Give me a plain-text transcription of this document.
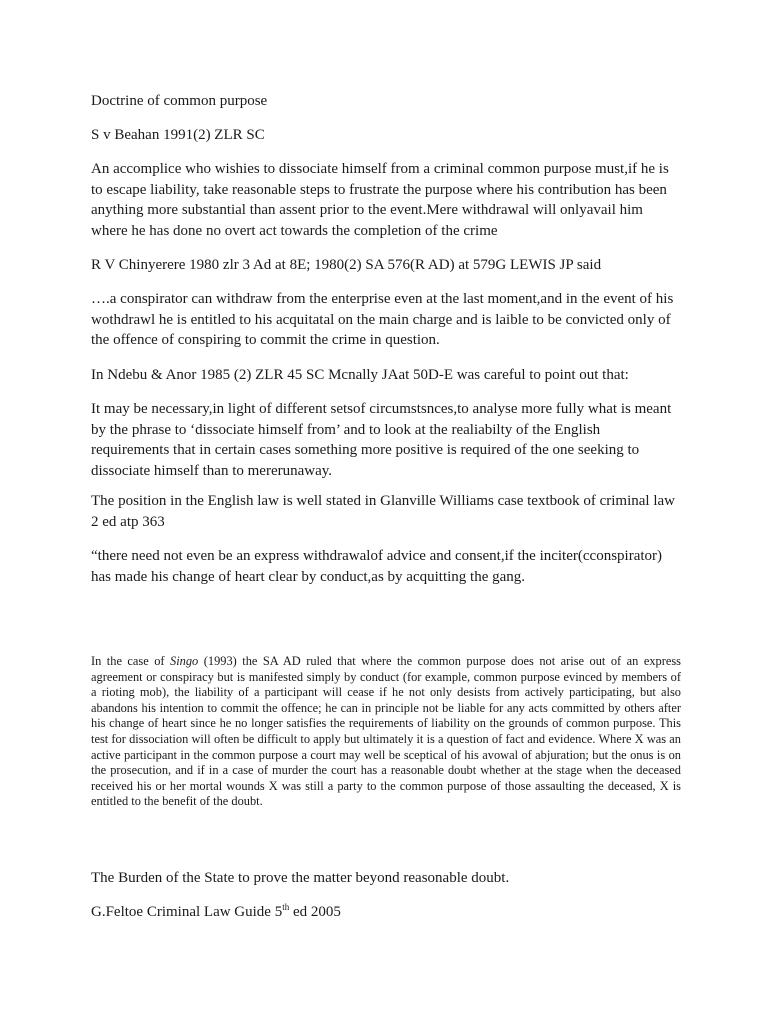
Doctrine of common purpose

S v Beahan 1991(2) ZLR SC

An accomplice who wishies to dissociate himself from a criminal common purpose must,if he is to escape liability, take reasonable steps to frustrate the purpose where his contribution has been anything more substantial than assent prior to the event.Mere withdrawal will onlyavail him where he has done no overt act towards the completion of the crime

R V Chinyerere 1980 zlr 3 Ad at 8E; 1980(2) SA 576(R AD) at 579G LEWIS JP said

….a conspirator can withdraw from the enterprise even at the last moment,and in the event of his wothdrawl he is entitled to his acquitatal on the main charge and is laible to be convicted only of the offence of conspiring to commit the crime in question.

In Ndebu & Anor 1985 (2) ZLR 45 SC Mcnally JAat 50D-E was careful to point out that:

It may be necessary,in light of different setsof circumstsnces,to analyse more fully what is meant by the phrase to ‘dissociate himself from’ and to look at the realiabilty of the English requirements that in certain cases something more positive is required of the one seeking to dissociate himself than to mererunaway.

The position in the English law is well stated in Glanville Williams case textbook of criminal law 2 ed atp 363

“there need not even be an express withdrawalof advice and consent,if the inciter(cconspirator) has made his change of heart clear by conduct,as by acquitting the gang.

In the case of Singo (1993) the SA AD ruled that where the common purpose does not arise out of an express agreement or conspiracy but is manifested simply by conduct (for example, common purpose evinced by members of a rioting mob), the liability of a participant will cease if he not only desists from actively participating, but also abandons his intention to commit the offence; he can in principle not be liable for any acts committed by others after his change of heart since he no longer satisfies the requirements of liability on the grounds of common purpose. This test for dissociation will often be difficult to apply but ultimately it is a question of fact and evidence. Where X was an active participant in the common purpose a court may well be sceptical of his avowal of abjuration; but the onus is on the prosecution, and if in a case of murder the court has a reasonable doubt whether at the stage when the deceased received his or her mortal wounds X was still a party to the common purpose of those assaulting the deceased, X is entitled to the benefit of the doubt.

The Burden of the State to prove the matter beyond reasonable doubt.

G.Feltoe Criminal Law Guide 5th ed 2005
